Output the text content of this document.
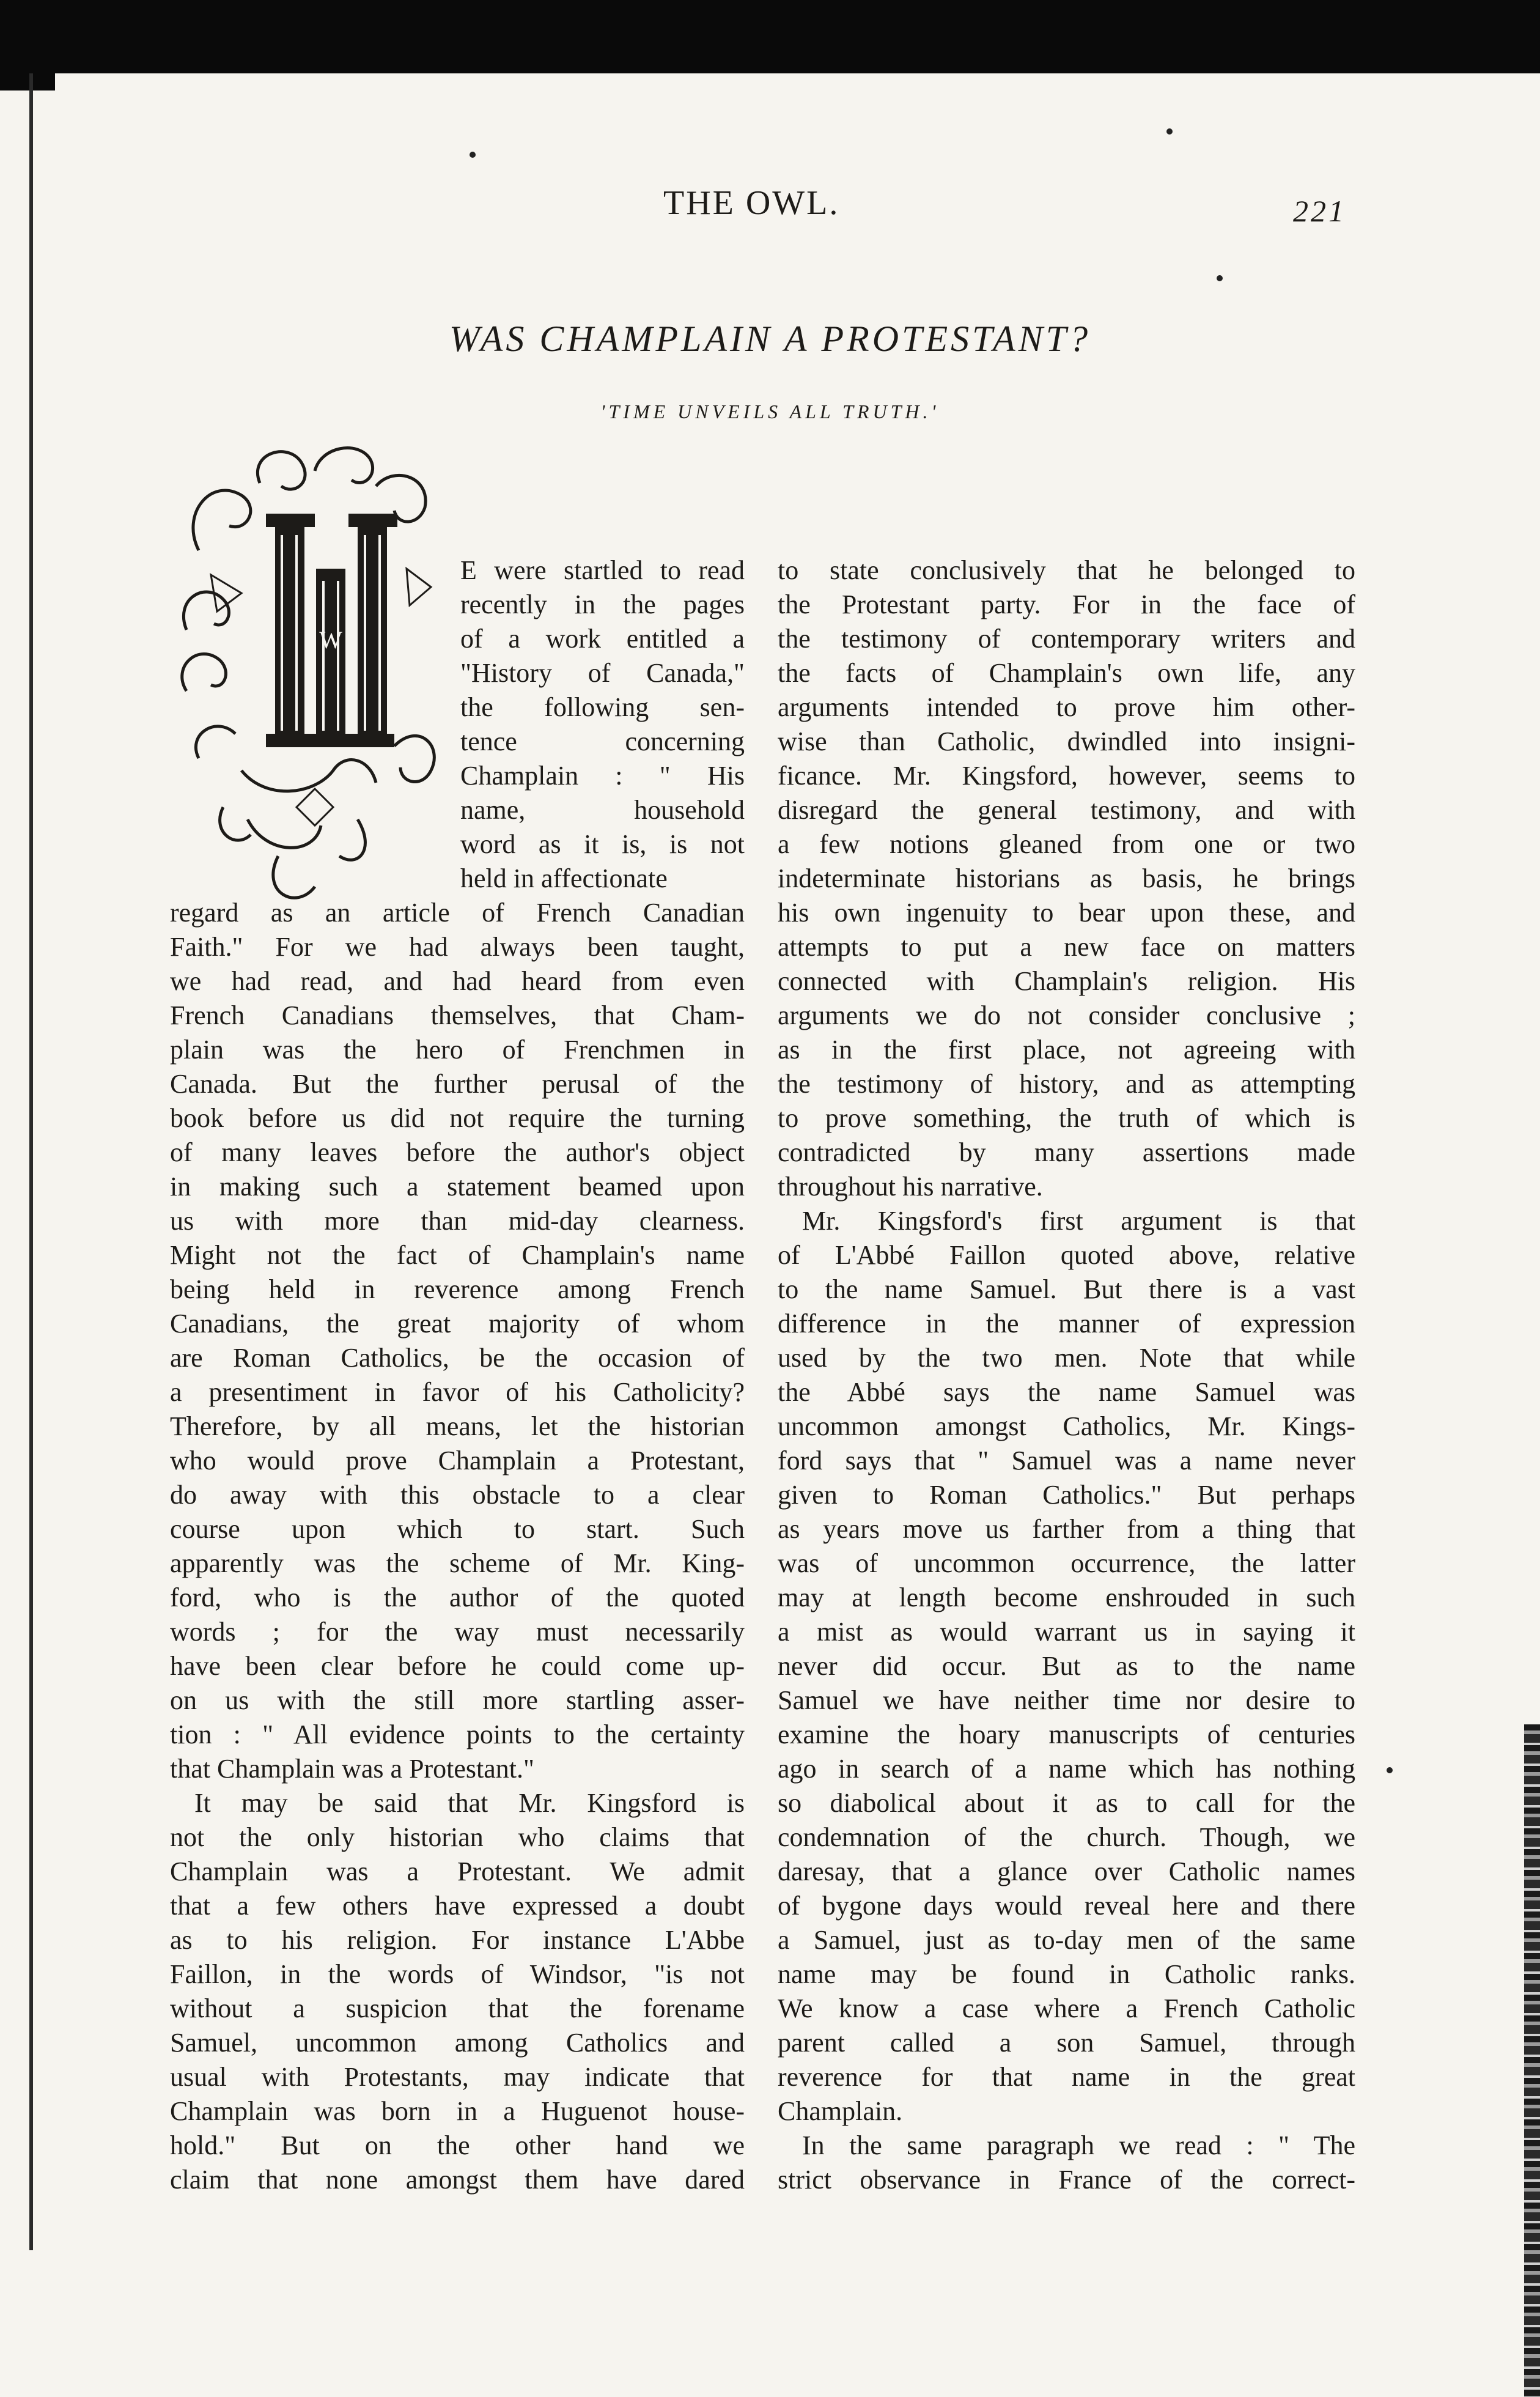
THE OWL.	221
WAS CHAMPLAIN A PROTESTANT?
'TIME UNVEILS ALL TRUTH.'
W
E were startled to read
recently in the pages
of a work entitled a
"History of Canada,"
the following sen-
tence concerning
Champlain : " His
name, household
word as it is, is not
held in affectionate
regard as an article of French Canadian
Faith." For we had always been taught,
we had read, and had heard from even
French Canadians themselves, that Cham-
plain was the hero of Frenchmen in
Canada. But the further perusal of the
book before us did not require the turning
of many leaves before the author's object
in making such a statement beamed upon
us with more than mid-day clearness.
Might not the fact of Champlain's name
being held in reverence among French
Canadians, the great majority of whom
are Roman Catholics, be the occasion of
a presentiment in favor of his Catholicity?
Therefore, by all means, let the historian
who would prove Champlain a Protestant,
do away with this obstacle to a clear
course upon which to start. Such
apparently was the scheme of Mr. King-
ford, who is the author of the quoted
words ; for the way must necessarily
have been clear before he could come up-
on us with the still more startling asser-
tion : " All evidence points to the certainty
that Champlain was a Protestant."
It may be said that Mr. Kingsford is
not the only historian who claims that
Champlain was a Protestant. We admit
that a few others have expressed a doubt
as to his religion. For instance L'Abbe
Faillon, in the words of Windsor, "is not
without a suspicion that the forename
Samuel, uncommon among Catholics and
usual with Protestants, may indicate that
Champlain was born in a Huguenot house-
hold." But on the other hand we
claim that none amongst them have dared
to state conclusively that he belonged to
the Protestant party. For in the face of
the testimony of contemporary writers and
the facts of Champlain's own life, any
arguments intended to prove him other-
wise than Catholic, dwindled into insigni-
ficance. Mr. Kingsford, however, seems to
disregard the general testimony, and with
a few notions gleaned from one or two
indeterminate historians as basis, he brings
his own ingenuity to bear upon these, and
attempts to put a new face on matters
connected with Champlain's religion. His
arguments we do not consider conclusive ;
as in the first place, not agreeing with
the testimony of history, and as attempting
to prove something, the truth of which is
contradicted by many assertions made
throughout his narrative.
Mr. Kingsford's first argument is that
of L'Abbé Faillon quoted above, relative
to the name Samuel. But there is a vast
difference in the manner of expression
used by the two men. Note that while
the Abbé says the name Samuel was
uncommon amongst Catholics, Mr. Kings-
ford says that " Samuel was a name never
given to Roman Catholics." But perhaps
as years move us farther from a thing that
was of uncommon occurrence, the latter
may at length become enshrouded in such
a mist as would warrant us in saying it
never did occur. But as to the name
Samuel we have neither time nor desire to
examine the hoary manuscripts of centuries
ago in search of a name which has nothing
so diabolical about it as to call for the
condemnation of the church. Though, we
daresay, that a glance over Catholic names
of bygone days would reveal here and there
a Samuel, just as to-day men of the same
name may be found in Catholic ranks.
We know a case where a French Catholic
parent called a son Samuel, through
reverence for that name in the great
Champlain.
In the same paragraph we read : " The
strict observance in France of the correct-
